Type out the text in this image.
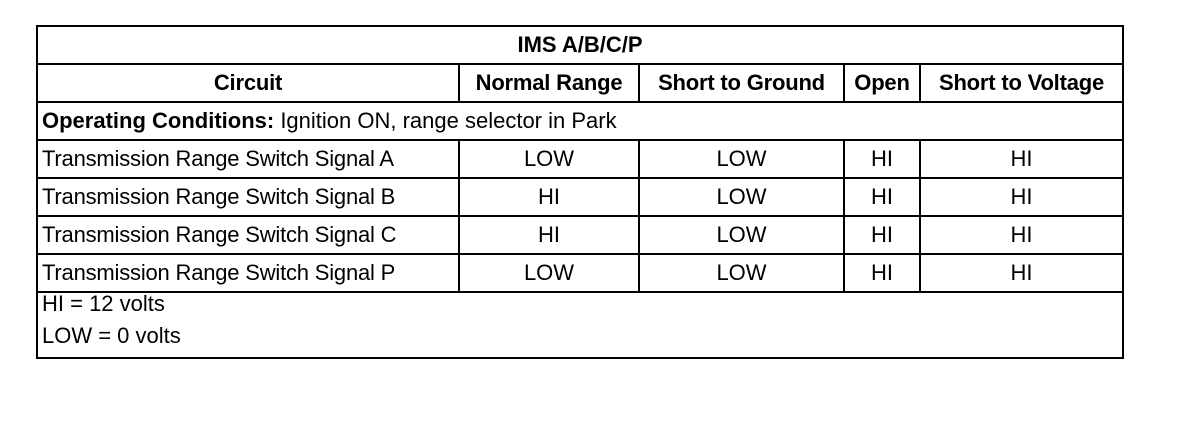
IMS A/B/C/P				
Circuit	Normal Range	Short to Ground	Open	Short to Voltage
Operating Conditions: Ignition ON, range selector in Park				
Transmission Range Switch Signal A	LOW	LOW	HI	HI
Transmission Range Switch Signal B	HI	LOW	HI	HI
Transmission Range Switch Signal C	HI	LOW	HI	HI
Transmission Range Switch Signal P	LOW	LOW	HI	HI

HI = 12 volts
LOW = 0 volts				
